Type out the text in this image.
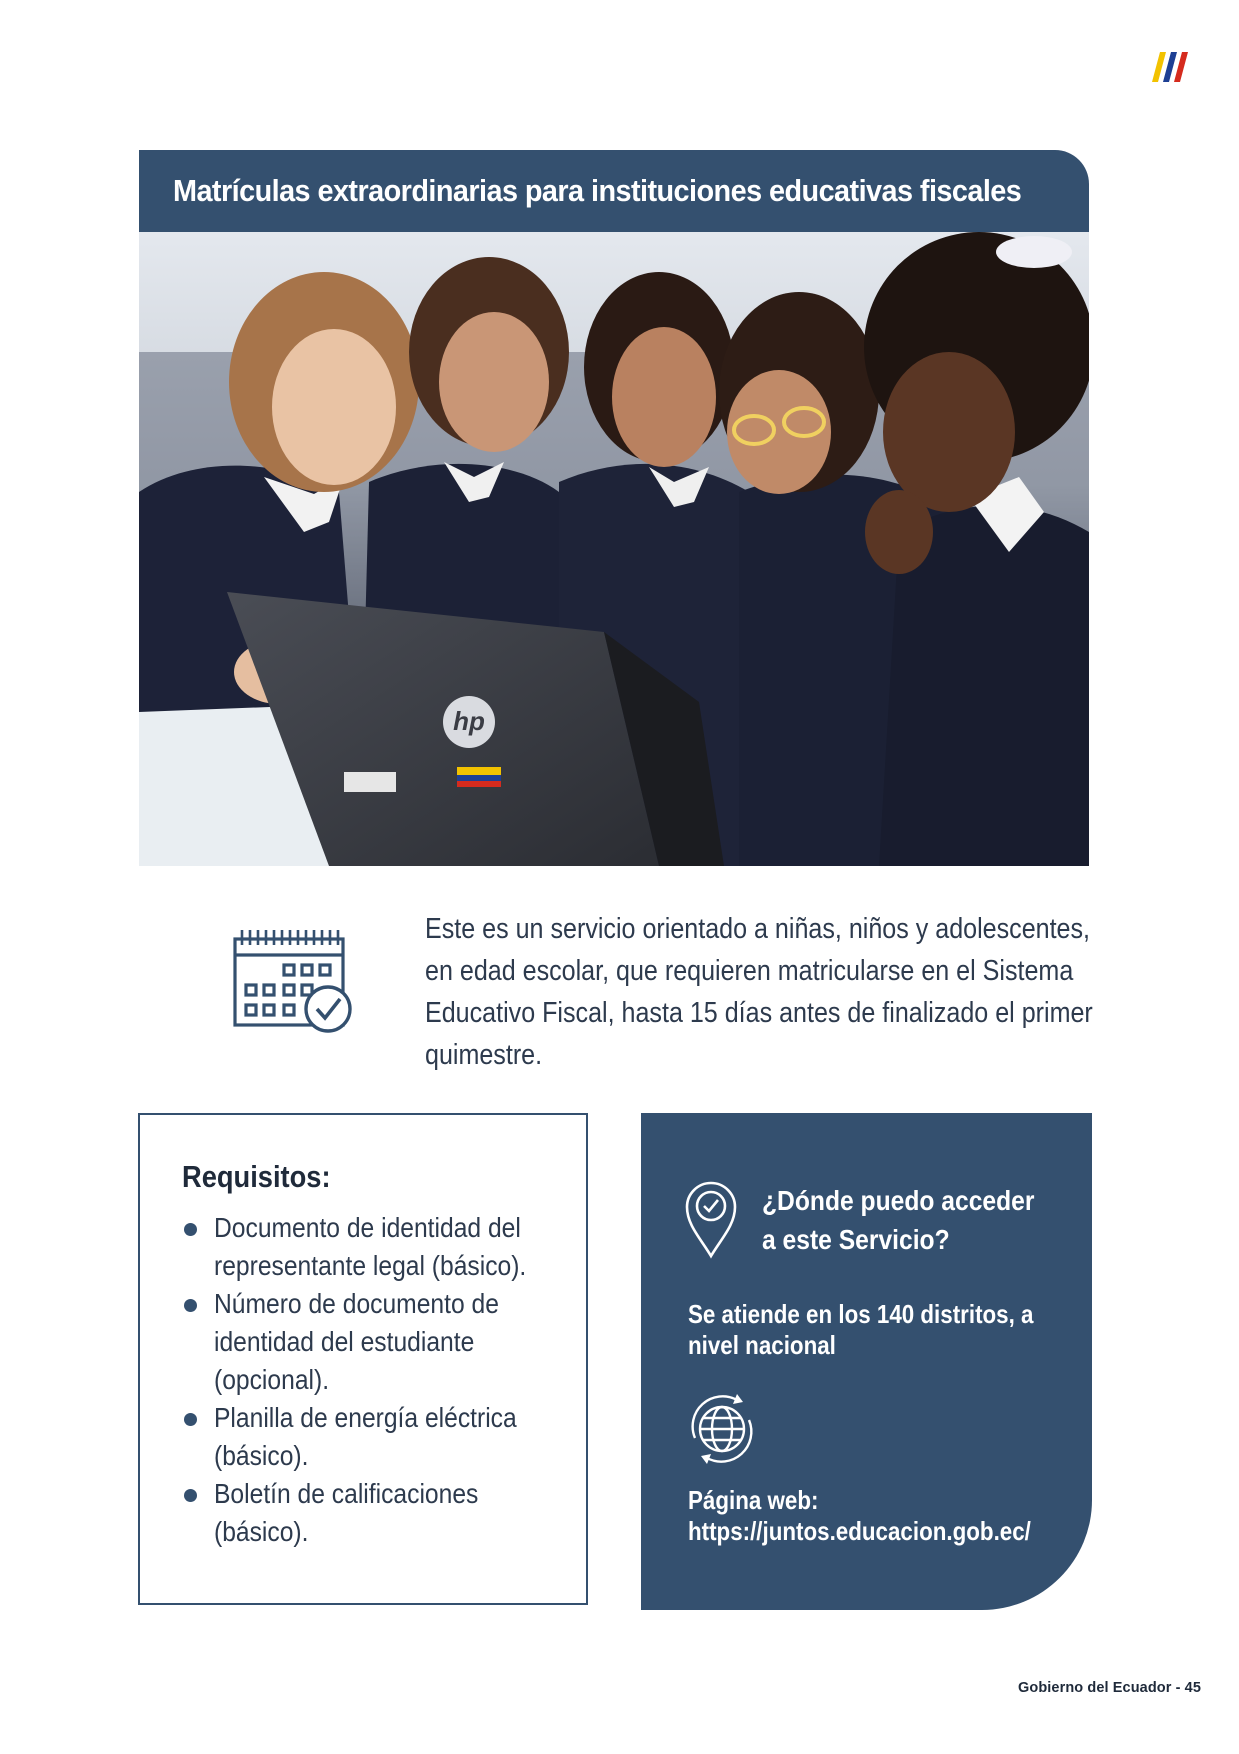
Matrículas extraordinarias para instituciones educativas fiscales
hp

Este es un servicio orientado a niñas, niños y adolescentes, en edad escolar, que requieren matricularse en el Sistema Educativo Fiscal, hasta 15 días antes de finalizado el primer quimestre.

Requisitos:
Documento de identidad del representante legal (básico).
Número de documento de identidad del estudiante (opcional).
Planilla de energía eléctrica (básico).
Boletín de calificaciones (básico).
¿Dónde puedo acceder a este Servicio?
Se atiende en los 140 distritos, a nivel nacional
Página web:
https://juntos.educacion.gob.ec/
Gobierno del Ecuador - 45
